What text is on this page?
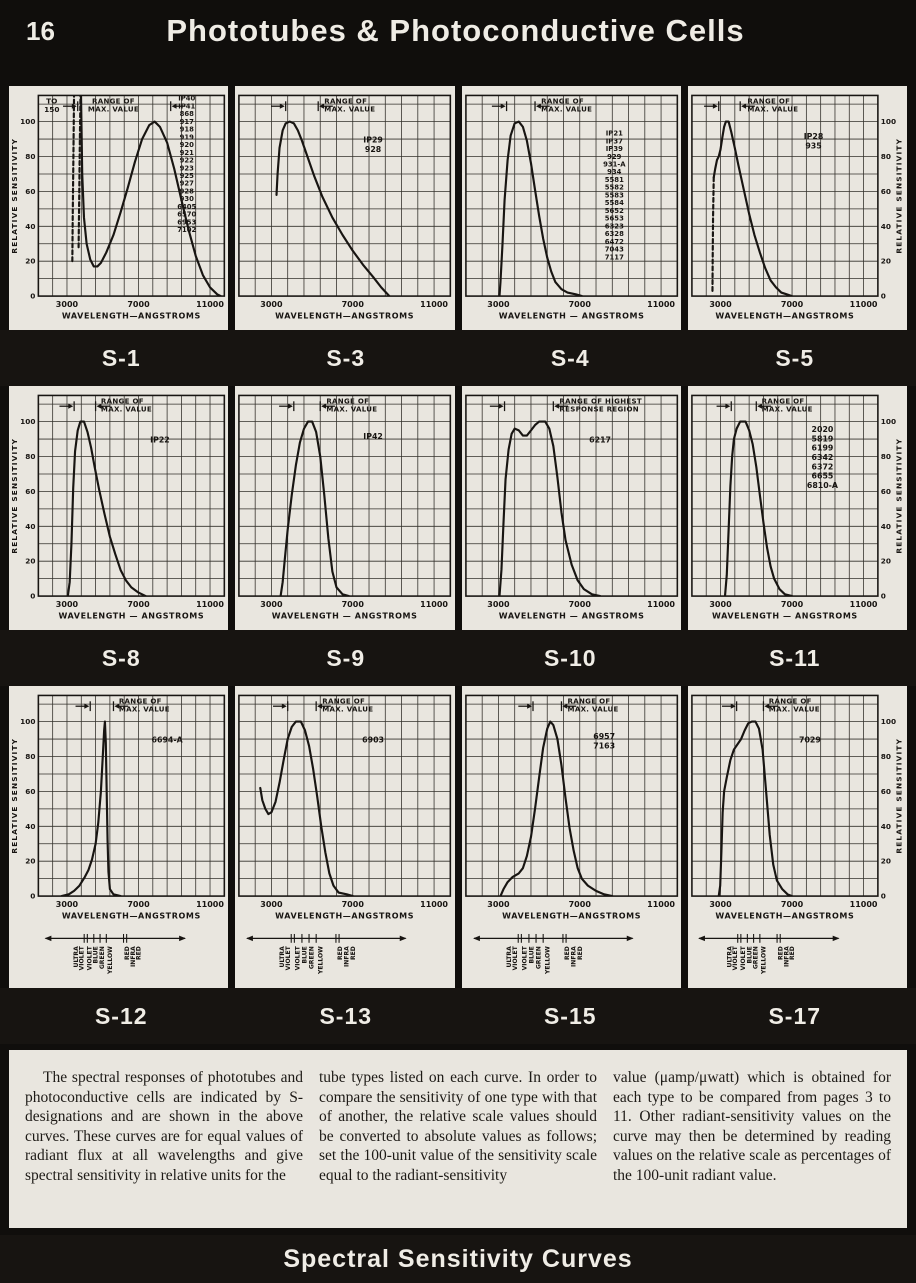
16	Phototubes & Photoconductive Cells
RANGE OF
MAX. VALUE
TO
150
IP40
IP41
868
917
918
919
920
921
922
923
925
927
928
930
6405
6570
6953
7102
0
20
40
60
80
100
RELATIVE SENSITIVITY
3000	7000	11000
WAVELENGTH—ANGSTROMS
RANGE OF
MAX. VALUE
IP29
928
3000	7000	11000
WAVELENGTH—ANGSTROMS
RANGE OF
MAX. VALUE
IP21
IP37
IP39
929
931-A
934
5581
5582
5583
5584
5652
5653
6323
6328
6472
7043
7117
3000	7000	11000
WAVELENGTH — ANGSTROMS
RANGE OF
MAX. VALUE
IP28
935
0
20
40
60
80
100
RELATIVE SENSITIVITY
3000	7000	11000
WAVELENGTH—ANGSTROMS
S-1	S-3	S-4	S-5
RANGE OF
MAX. VALUE
IP22
0
20
40
60
80
100
RELATIVE SENSITIVITY
3000	7000	11000
WAVELENGTH — ANGSTROMS
RANGE OF
MAX. VALUE
IP42
3000	7000	11000
WAVELENGTH — ANGSTROMS
RANGE OF HIGHEST
RESPONSE REGION
6217
3000	7000	11000
WAVELENGTH — ANGSTROMS
RANGE OF
MAX. VALUE
2020
5819
6199
6342
6372
6655
6810-A
0
20
40
60
80
100
RELATIVE SENSITIVITY
3000	7000	11000
WAVELENGTH — ANGSTROMS
S-8	S-9	S-10	S-11
RANGE OF
MAX. VALUE
6694-A
0
20
40
60
80
100
RELATIVE SENSITIVITY
3000	7000	11000
WAVELENGTH—ANGSTROMS
ULTRA
VIOLET VIOLET BLUE GREEN YELLOW RED
INFRA
RED
RANGE OF
MAX. VALUE
6903
3000	7000	11000
WAVELENGTH—ANGSTROMS
ULTRA VIOLET VIOLET BLUE GREEN YELLOW RED INFRA RED
RANGE OF
MAX. VALUE
6957
7163
3000	7000	11000
WAVELENGTH—ANGSTROMS
ULTRA VIOLET VIOLET BLUE GREEN YELLOW RED INFRA RED
RANGE OF
MAX. VALUE
7029
0
20
40
60
80
100
RELATIVE SENSITIVITY
3000	7000	11000
WAVELENGTH—ANGSTROMS
ULTRA
VIOLET VIOLET BLUE GREEN YELLOW RED
INFRA
RED
S-12	S-13	S-15	S-17
The spectral responses of phototubes and photoconductive cells are indicated by S-designations and are shown in the above curves. These curves are for equal values of radiant flux at all wavelengths and give spectral sensitivity in relative units for the
tube types listed on each curve. In order to compare the sensitivity of one type with that of another, the relative scale values should be converted to absolute values as follows; set the 100-unit value of the sensitivity scale equal to the radiant-sensitivity
value (μamp/μwatt) which is obtained for each type to be compared from pages 3 to 11. Other radiant-sensitivity values on the curve may then be determined by reading values on the relative scale as percentages of the 100-unit radiant value.
Spectral Sensitivity Curves
